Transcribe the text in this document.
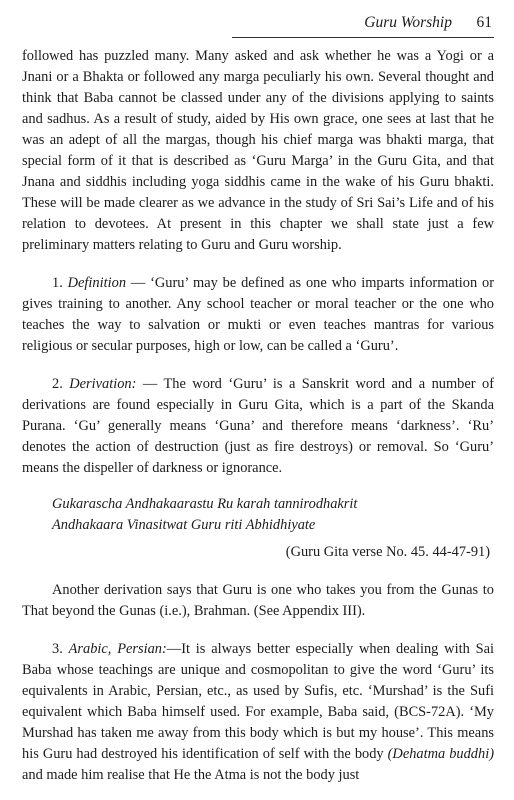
Guru Worship 61

followed has puzzled many. Many asked and ask whether he was a Yogi or a Jnani or a Bhakta or followed any marga peculiarly his own. Several thought and think that Baba cannot be classed under any of the divisions applying to saints and sadhus. As a result of study, aided by His own grace, one sees at last that he was an adept of all the margas, though his chief marga was bhakti marga, that special form of it that is described as ‘Guru Marga’ in the Guru Gita, and that Jnana and siddhis including yoga siddhis came in the wake of his Guru bhakti. These will be made clearer as we advance in the study of Sri Sai’s Life and of his relation to devotees. At present in this chapter we shall state just a few preliminary matters relating to Guru and Guru worship.

1. Definition — ‘Guru’ may be defined as one who imparts information or gives training to another. Any school teacher or moral teacher or the one who teaches the way to salvation or mukti or even teaches mantras for various religious or secular purposes, high or low, can be called a ‘Guru’.

2. Derivation: — The word ‘Guru’ is a Sanskrit word and a number of derivations are found especially in Guru Gita, which is a part of the Skanda Purana. ‘Gu’ generally means ‘Guna’ and therefore means ‘darkness’. ‘Ru’ denotes the action of destruction (just as fire destroys) or removal. So ‘Guru’ means the dispeller of darkness or ignorance.

Gukarascha Andhakaarastu Ru karah tannirodhakrit
Andhakaara Vinasitwat Guru riti Abhidhiyate
(Guru Gita verse No. 45. 44-47-91)

Another derivation says that Guru is one who takes you from the Gunas to That beyond the Gunas (i.e.), Brahman. (See Appendix III).

3. Arabic, Persian:—It is always better especially when dealing with Sai Baba whose teachings are unique and cosmopolitan to give the word ‘Guru’ its equivalents in Arabic, Persian, etc., as used by Sufis, etc. ‘Murshad’ is the Sufi equivalent which Baba himself used. For example, Baba said, (BCS-72A). ‘My Murshad has taken me away from this body which is but my house’. This means his Guru had destroyed his identification of self with the body (Dehatma buddhi) and made him realise that He the Atma is not the body just
